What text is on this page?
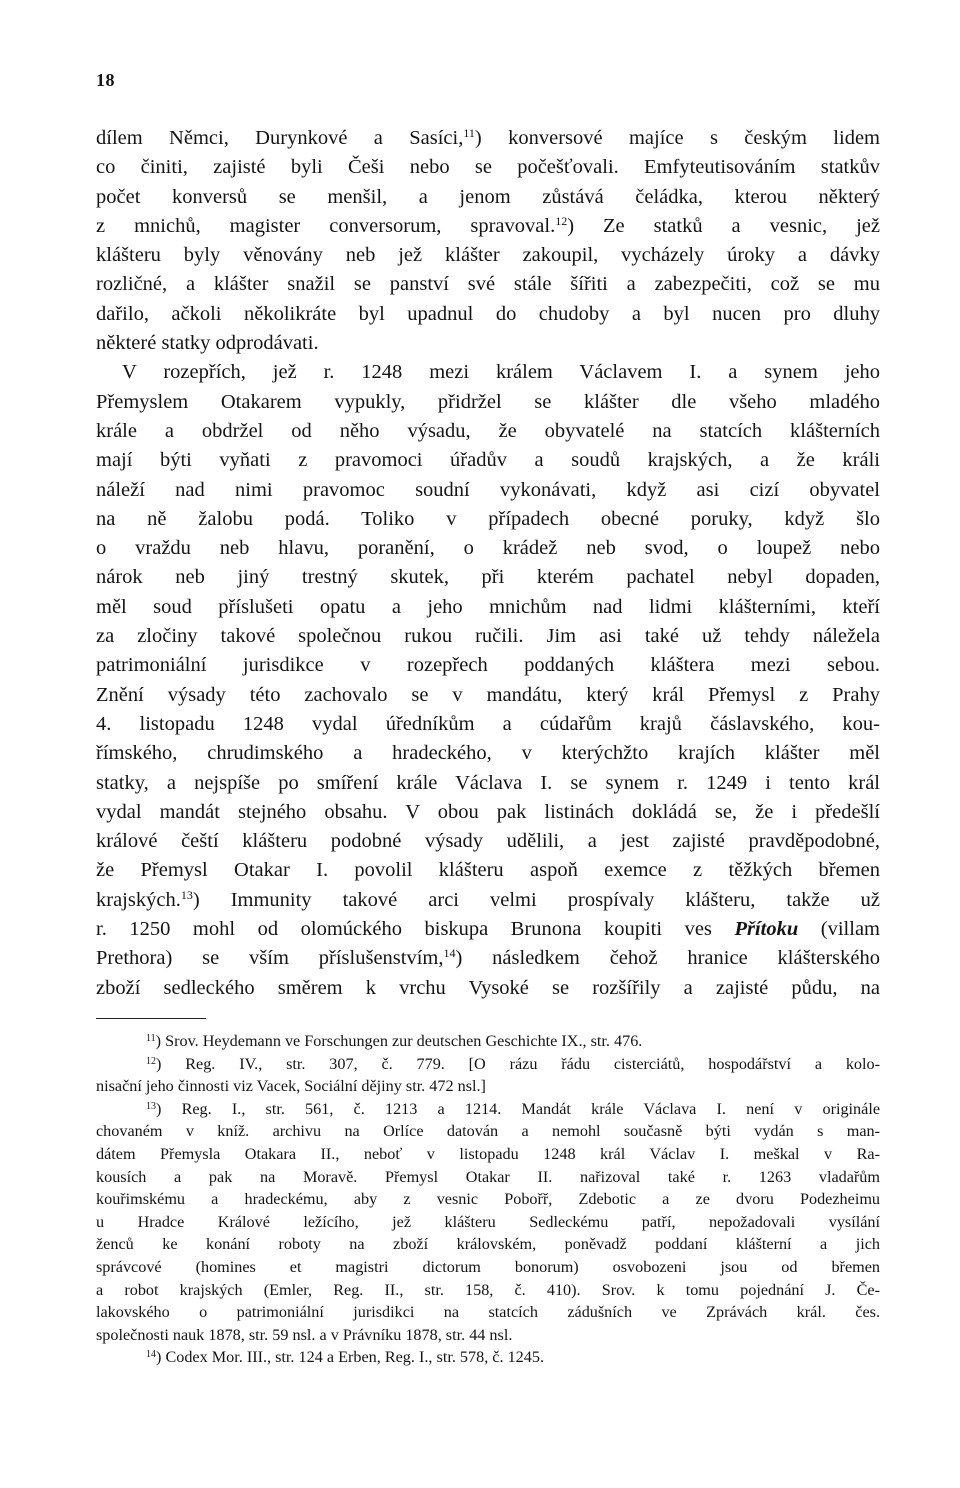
18
dílem Němci, Durynkové a Sasíci,$^{11}$) konversové majíce s českým lidem
co činiti, zajisté byli Češi nebo se počešťovali. Emfyteutisováním statkův
počet konversů se menšil, a jenom zůstává čeládka, kterou některý
z mnichů, magister conversorum, spravoval.$^{12}$) Ze statků a vesnic, jež
klášteru byly věnovány neb jež klášter zakoupil, vycházely úroky a dávky
rozličné, a klášter snažil se panství své stále šířiti a zabezpečiti, což se mu
dařilo, ačkoli několikráte byl upadnul do chudoby a byl nucen pro dluhy
některé statky odprodávati.
V rozepřích, jež r. 1248 mezi králem Václavem I. a synem jeho
Přemyslem Otakarem vypukly, přidržel se klášter dle všeho mladého
krále a obdržel od něho výsadu, že obyvatelé na statcích klášterních
mají býti vyňati z pravomoci úřadův a soudů krajských, a že králi
náleží nad nimi pravomoc soudní vykonávati, když asi cizí obyvatel
na ně žalobu podá. Toliko v případech obecné poruky, když šlo
o vraždu neb hlavu, poranění, o krádež neb svod, o loupež nebo
nárok neb jiný trestný skutek, při kterém pachatel nebyl dopaden,
měl soud příslušeti opatu a jeho mnichům nad lidmi klášterními, kteří
za zločiny takové společnou rukou ručili. Jim asi také už tehdy náležela
patrimoniální jurisdikce v rozepřech poddaných kláštera mezi sebou.
Znění výsady této zachovalo se v mandátu, který král Přemysl z Prahy
4. listopadu 1248 vydal úředníkům a cúdařům krajů čáslavského, kou-
římského, chrudimského a hradeckého, v kterýchžto krajích klášter měl
statky, a nejspíše po smíření krále Václava I. se synem r. 1249 i tento král
vydal mandát stejného obsahu. V obou pak listinách dokládá se, že i předešlí
králové čeští klášteru podobné výsady udělili, a jest zajisté pravděpodobné,
že Přemysl Otakar I. povolil klášteru aspoň exemce z těžkých břemen
krajských.$^{13}$) Immunity takové arci velmi prospívaly klášteru, takže už
r. 1250 mohl od olomúckého biskupa Brunona koupiti ves Přítoku (villam
Prethora) se vším příslušenstvím,$^{14}$) následkem čehož hranice klášterského
zboží sedleckého směrem k vrchu Vysoké se rozšířily a zajisté půdu, na
$^{11}$) Srov. Heydemann ve Forschungen zur deutschen Geschichte IX., str. 476.
$^{12}$) Reg. IV., str. 307, č. 779. [O rázu řádu cisterciátů, hospodářství a kolo-
nisační jeho činnosti viz Vacek, Sociální dějiny str. 472 nsl.]
$^{13}$) Reg. I., str. 561, č. 1213 a 1214. Mandát krále Václava I. není v originále
chovaném v kníž. archivu na Orlíce datován a nemohl současně býti vydán s man-
dátem Přemysla Otakara II., neboť v listopadu 1248 král Václav I. meškal v Ra-
kousích a pak na Moravě. Přemysl Otakar II. nařizoval také r. 1263 vladařům
kouřimskému a hradeckému, aby z vesnic Pobořř, Zdebotic a ze dvoru Podezheimu
u Hradce Králové ležícího, jež klášteru Sedleckému patří, nepožadovali vysílání
ženců ke konání roboty na zboží královském, poněvadž poddaní klášterní a jich
správcové (homines et magistri dictorum bonorum) osvobozeni jsou od břemen
a robot krajských (Emler, Reg. II., str. 158, č. 410). Srov. k tomu pojednání J. Če-
lakovského o patrimoniální jurisdikci na statcích zádušních ve Zprávách král. čes.
společnosti nauk 1878, str. 59 nsl. a v Právníku 1878, str. 44 nsl.
$^{14}$) Codex Mor. III., str. 124 a Erben, Reg. I., str. 578, č. 1245.
